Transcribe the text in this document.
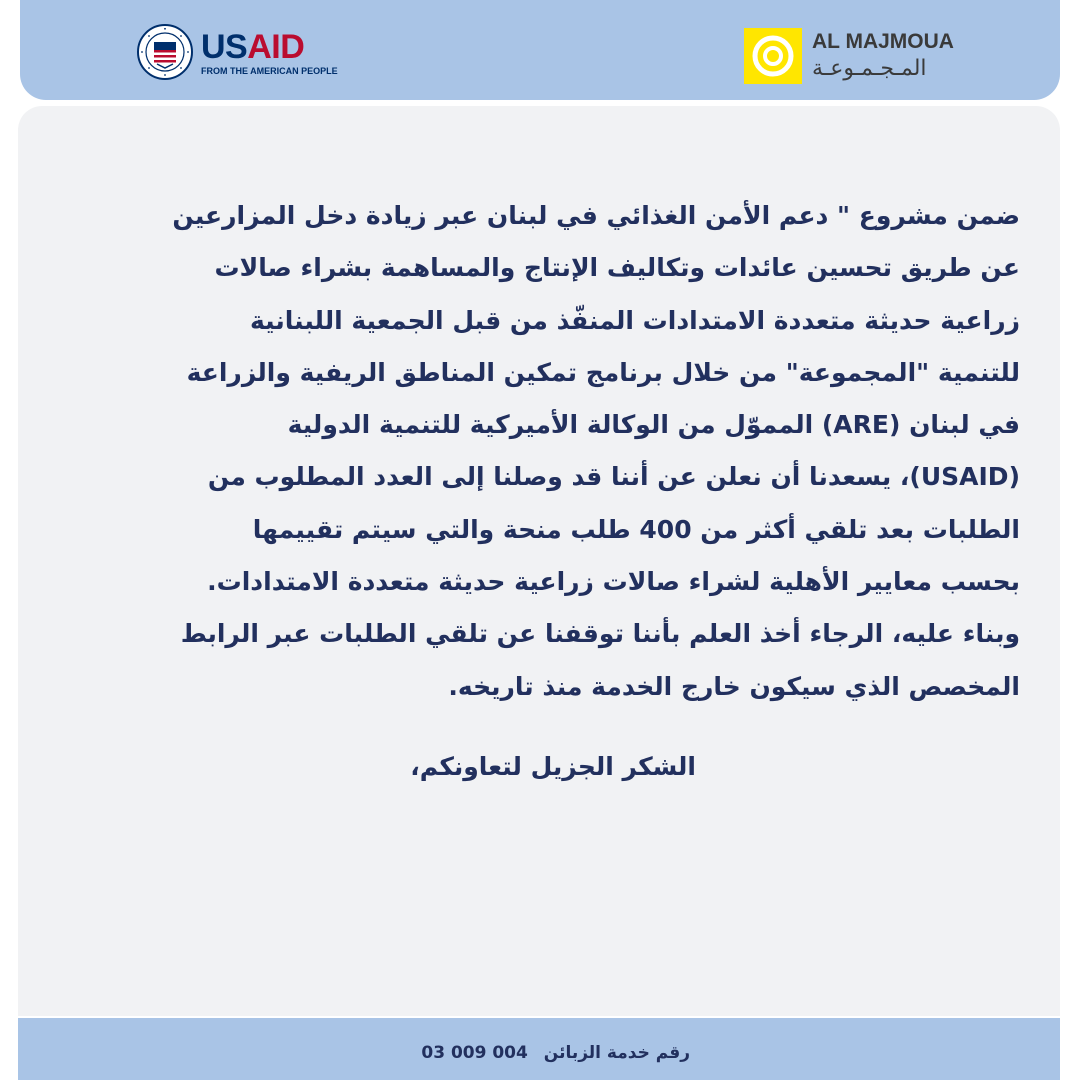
USAID
FROM THE AMERICAN PEOPLE
AL MAJMOUA
المـجـمـوعـة
ضمن مشروع " دعم الأمن الغذائي في لبنان عبر زيادة دخل المزارعين
عن طريق تحسين عائدات وتكاليف الإنتاج والمساهمة بشراء صالات
زراعية حديثة متعددة الامتدادات المنفّذ من قبل الجمعية اللبنانية
للتنمية "المجموعة" من خلال برنامج تمكين المناطق الريفية والزراعة
في لبنان (ARE) المموّل من الوكالة الأميركية للتنمية الدولية
(USAID)، يسعدنا أن نعلن عن أننا قد وصلنا إلى العدد المطلوب من
الطلبات بعد تلقي أكثر من 400 طلب منحة والتي سيتم تقييمها
بحسب معايير الأهلية لشراء صالات زراعية حديثة متعددة الامتدادات.
وبناء عليه، الرجاء أخذ العلم بأننا توقفنا عن تلقي الطلبات عبر الرابط
المخصص الذي سيكون خارج الخدمة منذ تاريخه.
الشكر الجزيل لتعاونكم،
رقم خدمة الزبائن 03 009 004
